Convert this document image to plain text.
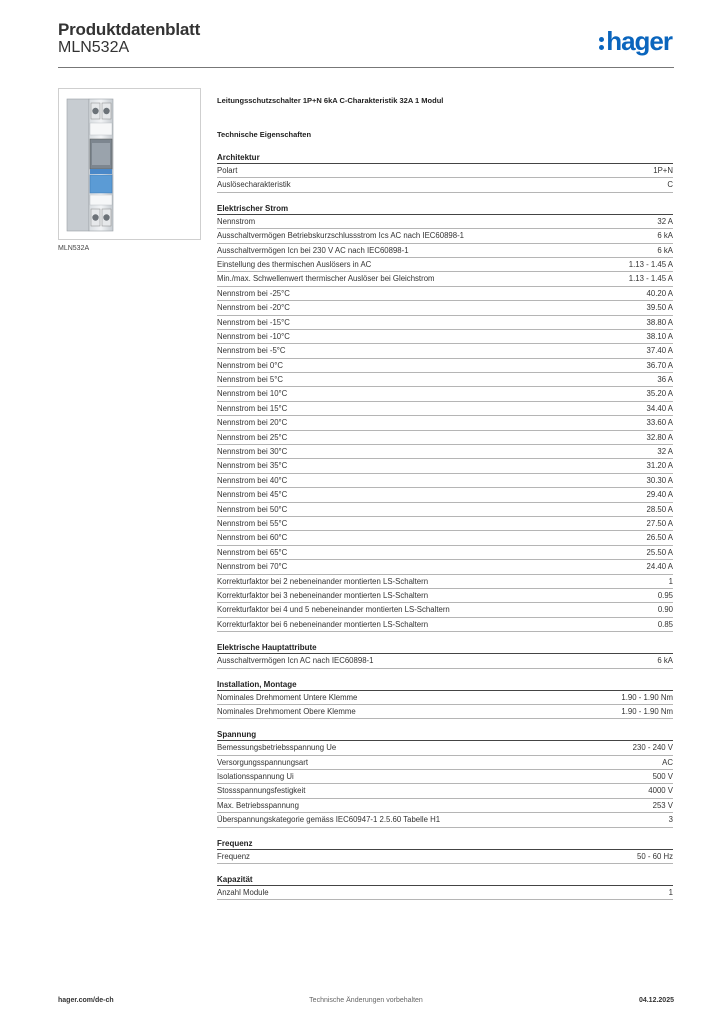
Produktdatenblatt
MLN532A	hager
MLN532A
Leitungsschutzschalter 1P+N 6kA C-Charakteristik 32A 1 Modul
Technische Eigenschaften
Architektur
Polart	1P+N
Auslösecharakteristik	C
Elektrischer Strom
Nennstrom	32 A
Ausschaltvermögen Betriebskurzschlussstrom Ics AC nach IEC60898-1	6 kA
Ausschaltvermögen Icn bei 230 V AC nach IEC60898-1	6 kA
Einstellung des thermischen Auslösers in AC	1.13 - 1.45 A
Min./max. Schwellenwert thermischer Auslöser bei Gleichstrom	1.13 - 1.45 A
Nennstrom bei -25°C	40.20 A
Nennstrom bei -20°C	39.50 A
Nennstrom bei -15°C	38.80 A
Nennstrom bei -10°C	38.10 A
Nennstrom bei -5°C	37.40 A
Nennstrom bei 0°C	36.70 A
Nennstrom bei 5°C	36 A
Nennstrom bei 10°C	35.20 A
Nennstrom bei 15°C	34.40 A
Nennstrom bei 20°C	33.60 A
Nennstrom bei 25°C	32.80 A
Nennstrom bei 30°C	32 A
Nennstrom bei 35°C	31.20 A
Nennstrom bei 40°C	30.30 A
Nennstrom bei 45°C	29.40 A
Nennstrom bei 50°C	28.50 A
Nennstrom bei 55°C	27.50 A
Nennstrom bei 60°C	26.50 A
Nennstrom bei 65°C	25.50 A
Nennstrom bei 70°C	24.40 A
Korrekturfaktor bei 2 nebeneinander montierten LS-Schaltern	1
Korrekturfaktor bei 3 nebeneinander montierten LS-Schaltern	0.95
Korrekturfaktor bei 4 und 5 nebeneinander montierten LS-Schaltern	0.90
Korrekturfaktor bei 6 nebeneinander montierten LS-Schaltern	0.85
Elektrische Hauptattribute
Ausschaltvermögen Icn AC nach IEC60898-1	6 kA
Installation, Montage
Nominales Drehmoment Untere Klemme	1.90 - 1.90 Nm
Nominales Drehmoment Obere Klemme	1.90 - 1.90 Nm
Spannung
Bemessungsbetriebsspannung Ue	230 - 240 V
Versorgungsspannungsart	AC
Isolationsspannung Ui	500 V
Stossspannungsfestigkeit	4000 V
Max. Betriebsspannung	253 V
Überspannungskategorie gemäss IEC60947-1 2.5.60 Tabelle H1	3
Frequenz
Frequenz	50 - 60 Hz
Kapazität
Anzahl Module	1
hager.com/de-ch	Technische Änderungen vorbehalten	04.12.2025
